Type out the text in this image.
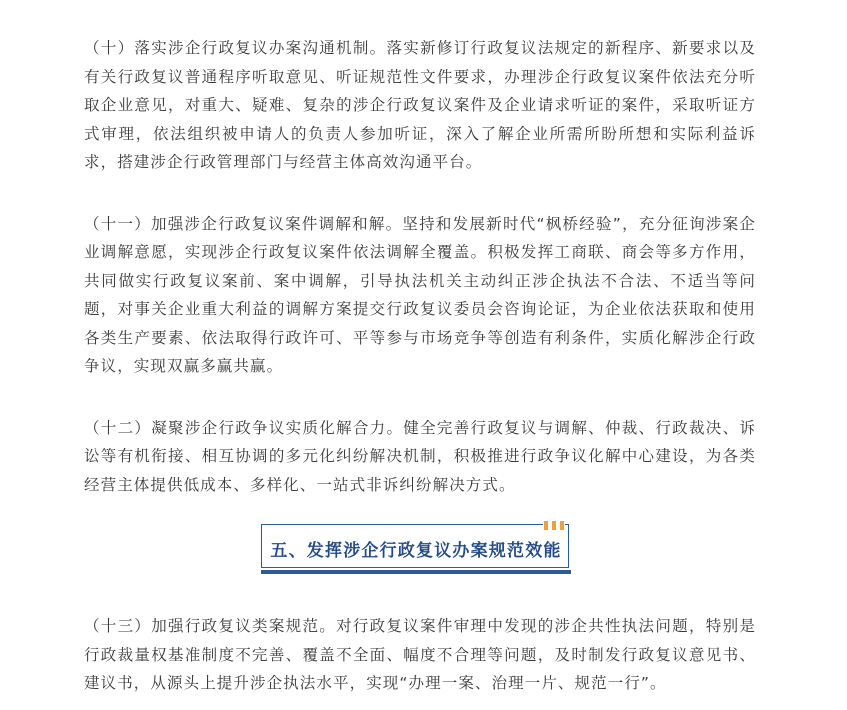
（十）落实涉企行政复议办案沟通机制。落实新修订行政复议法规定的新程序、新要求以及有关行政复议普通程序听取意见、听证规范性文件要求，办理涉企行政复议案件依法充分听取企业意见，对重大、疑难、复杂的涉企行政复议案件及企业请求听证的案件，采取听证方式审理，依法组织被申请人的负责人参加听证，深入了解企业所需所盼所想和实际利益诉求，搭建涉企行政管理部门与经营主体高效沟通平台。

（十一）加强涉企行政复议案件调解和解。坚持和发展新时代“枫桥经验”，充分征询涉案企业调解意愿，实现涉企行政复议案件依法调解全覆盖。积极发挥工商联、商会等多方作用，共同做实行政复议案前、案中调解，引导执法机关主动纠正涉企执法不合法、不适当等问题，对事关企业重大利益的调解方案提交行政复议委员会咨询论证，为企业依法获取和使用各类生产要素、依法取得行政许可、平等参与市场竞争等创造有利条件，实质化解涉企行政争议，实现双赢多赢共赢。

（十二）凝聚涉企行政争议实质化解合力。健全完善行政复议与调解、仲裁、行政裁决、诉讼等有机衔接、相互协调的多元化纠纷解决机制，积极推进行政争议化解中心建设，为各类经营主体提供低成本、多样化、一站式非诉纠纷解决方式。

五、发挥涉企行政复议办案规范效能

（十三）加强行政复议类案规范。对行政复议案件审理中发现的涉企共性执法问题，特别是行政裁量权基准制度不完善、覆盖不全面、幅度不合理等问题，及时制发行政复议意见书、建议书，从源头上提升涉企执法水平，实现“办理一案、治理一片、规范一行”。
